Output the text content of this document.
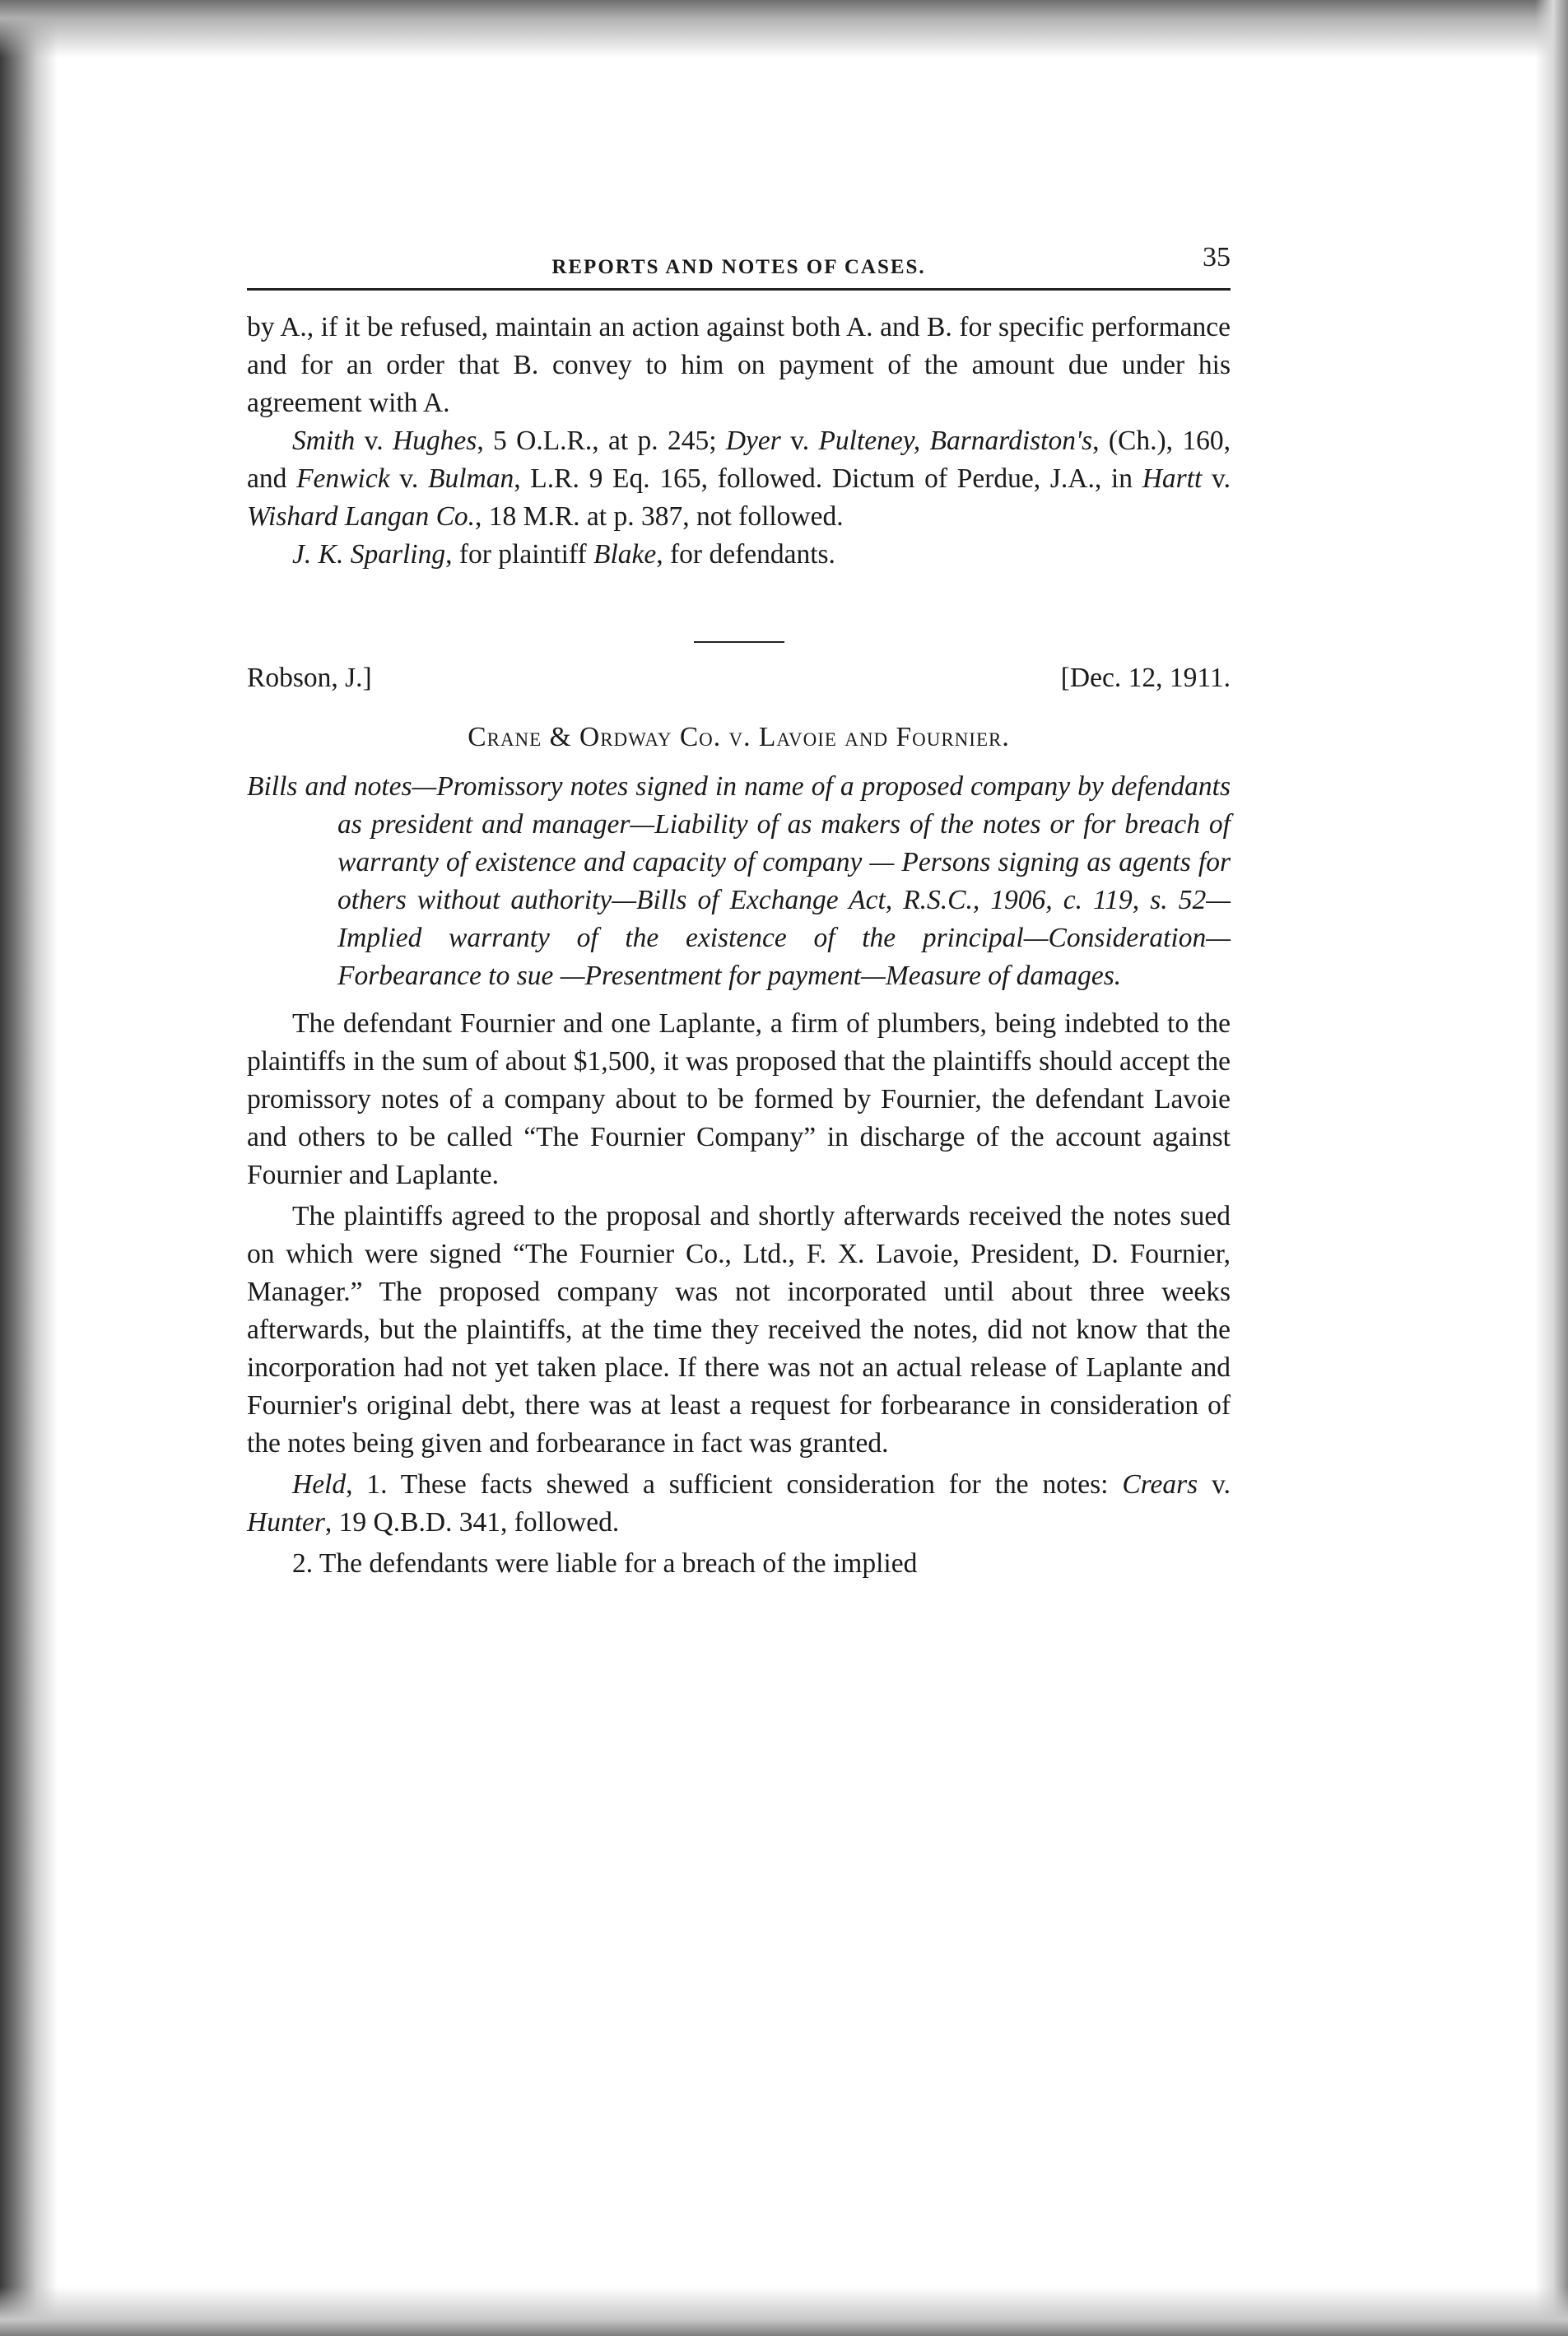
REPORTS AND NOTES OF CASES.	35

by A., if it be refused, maintain an action against both A. and B. for specific performance and for an order that B. convey to him on payment of the amount due under his agreement with A.

Smith v. Hughes, 5 O.L.R., at p. 245; Dyer v. Pulteney, Barnardiston's, (Ch.), 160, and Fenwick v. Bulman, L.R. 9 Eq. 165, followed. Dictum of Perdue, J.A., in Hartt v. Wishard Langan Co., 18 M.R. at p. 387, not followed.

J. K. Sparling, for plaintiff Blake, for defendants.

Robson, J.]	[Dec. 12, 1911.

Crane & Ordway Co. v. Lavoie and Fournier.

Bills and notes—Promissory notes signed in name of a proposed company by defendants as president and manager—Liability of as makers of the notes or for breach of warranty of existence and capacity of company — Persons signing as agents for others without authority—Bills of Exchange Act, R.S.C., 1906, c. 119, s. 52—Implied warranty of the existence of the principal—Consideration—Forbearance to sue —Presentment for payment—Measure of damages.

The defendant Fournier and one Laplante, a firm of plumbers, being indebted to the plaintiffs in the sum of about $1,500, it was proposed that the plaintiffs should accept the promissory notes of a company about to be formed by Fournier, the defendant Lavoie and others to be called “The Fournier Company” in discharge of the account against Fournier and Laplante.

The plaintiffs agreed to the proposal and shortly afterwards received the notes sued on which were signed “The Fournier Co., Ltd., F. X. Lavoie, President, D. Fournier, Manager.” The proposed company was not incorporated until about three weeks afterwards, but the plaintiffs, at the time they received the notes, did not know that the incorporation had not yet taken place. If there was not an actual release of Laplante and Fournier's original debt, there was at least a request for forbearance in consideration of the notes being given and forbearance in fact was granted.

Held, 1. These facts shewed a sufficient consideration for the notes: Crears v. Hunter, 19 Q.B.D. 341, followed.

2. The defendants were liable for a breach of the implied
